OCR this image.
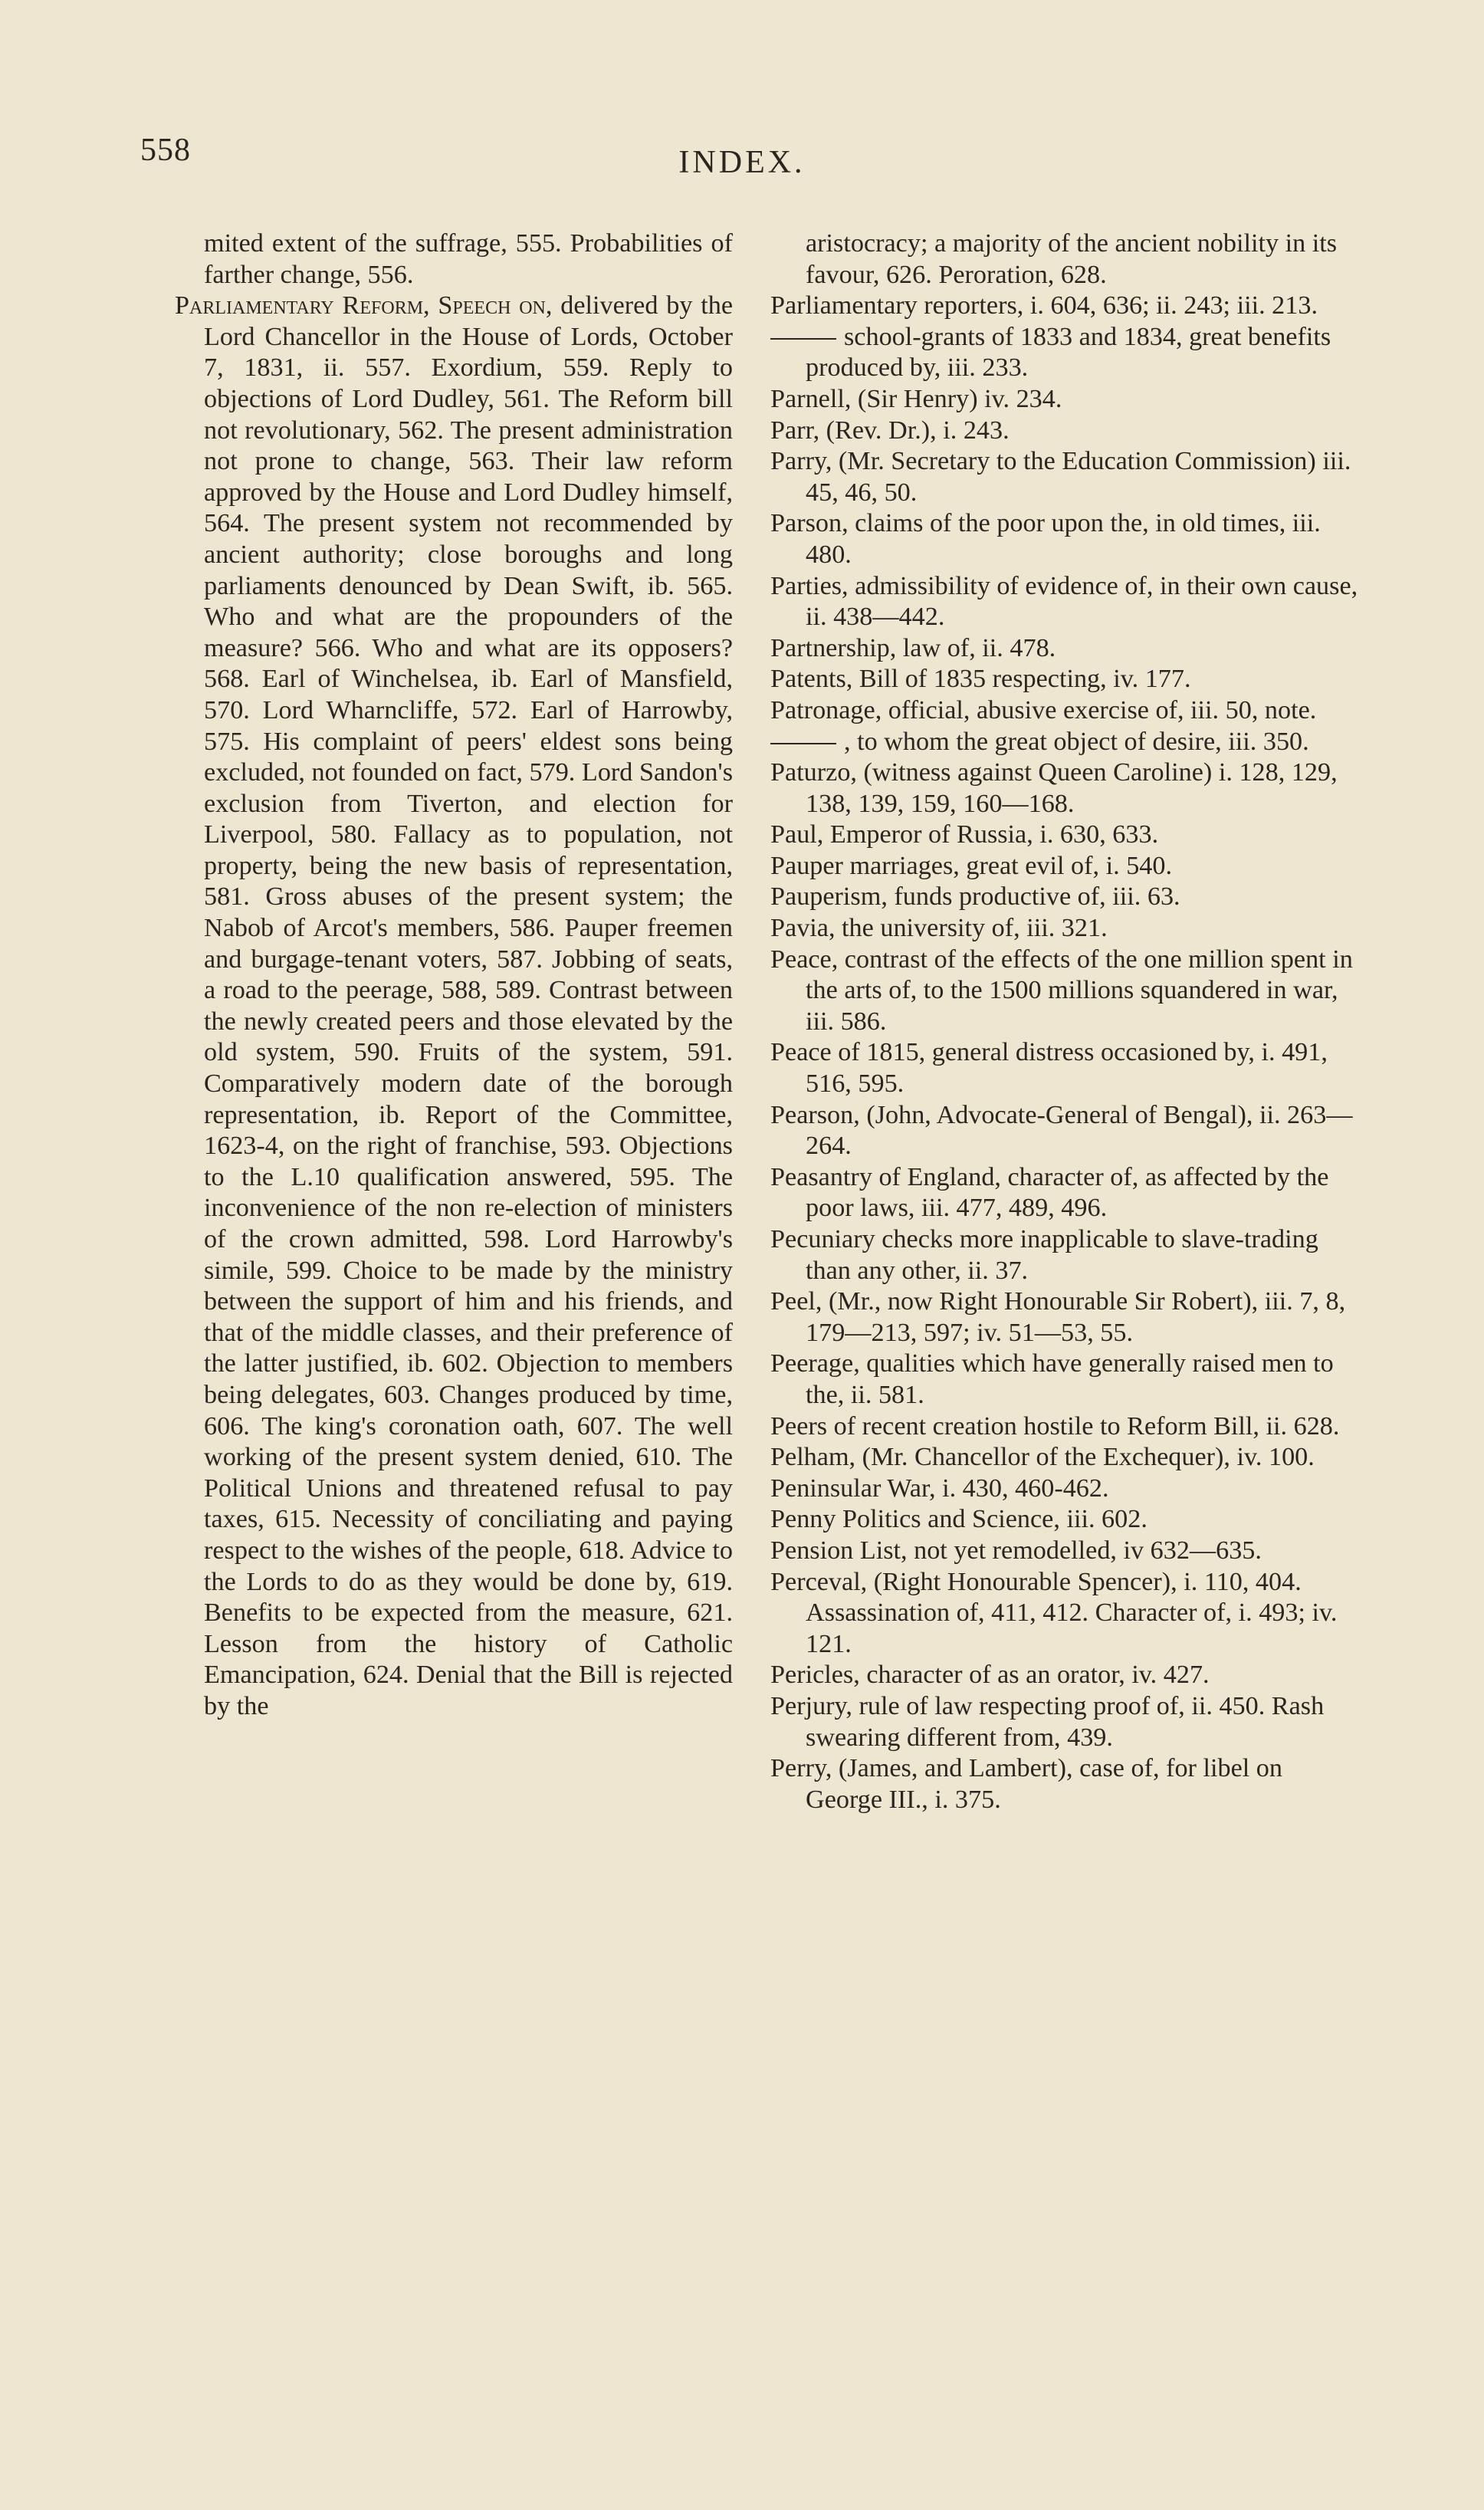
558	INDEX.

mited extent of the suffrage, 555. Probabilities of farther change, 556.

Parliamentary Reform, Speech on, delivered by the Lord Chancellor in the House of Lords, October 7, 1831, ii. 557. Exordium, 559. Reply to objections of Lord Dudley, 561. The Reform bill not revolutionary, 562. The present administration not prone to change, 563. Their law reform approved by the House and Lord Dudley himself, 564. The present system not recommended by ancient authority; close boroughs and long parliaments denounced by Dean Swift, ib. 565. Who and what are the propounders of the measure? 566. Who and what are its opposers? 568. Earl of Winchelsea, ib. Earl of Mansfield, 570. Lord Wharncliffe, 572. Earl of Harrowby, 575. His complaint of peers' eldest sons being excluded, not founded on fact, 579. Lord Sandon's exclusion from Tiverton, and election for Liverpool, 580. Fallacy as to population, not property, being the new basis of representation, 581. Gross abuses of the present system; the Nabob of Arcot's members, 586. Pauper freemen and burgage-tenant voters, 587. Jobbing of seats, a road to the peerage, 588, 589. Contrast between the newly created peers and those elevated by the old system, 590. Fruits of the system, 591. Comparatively modern date of the borough representation, ib. Report of the Committee, 1623-4, on the right of franchise, 593. Objections to the L.10 qualification answered, 595. The inconvenience of the non re-election of ministers of the crown admitted, 598. Lord Harrowby's simile, 599. Choice to be made by the ministry between the support of him and his friends, and that of the middle classes, and their preference of the latter justified, ib. 602. Objection to members being delegates, 603. Changes produced by time, 606. The king's coronation oath, 607. The well working of the present system denied, 610. The Political Unions and threatened refusal to pay taxes, 615. Necessity of conciliating and paying respect to the wishes of the people, 618. Advice to the Lords to do as they would be done by, 619. Benefits to be expected from the measure, 621. Lesson from the history of Catholic Emancipation, 624. Denial that the Bill is rejected by the

aristocracy; a majority of the ancient nobility in its favour, 626. Peroration, 628.

Parliamentary reporters, i. 604, 636; ii. 243; iii. 213.

school-grants of 1833 and 1834, great benefits produced by, iii. 233.

Parnell, (Sir Henry) iv. 234.

Parr, (Rev. Dr.), i. 243.

Parry, (Mr. Secretary to the Education Commission) iii. 45, 46, 50.

Parson, claims of the poor upon the, in old times, iii. 480.

Parties, admissibility of evidence of, in their own cause, ii. 438—442.

Partnership, law of, ii. 478.

Patents, Bill of 1835 respecting, iv. 177.

Patronage, official, abusive exercise of, iii. 50, note.

, to whom the great object of desire, iii. 350.

Paturzo, (witness against Queen Caroline) i. 128, 129, 138, 139, 159, 160—168.

Paul, Emperor of Russia, i. 630, 633.

Pauper marriages, great evil of, i. 540.

Pauperism, funds productive of, iii. 63.

Pavia, the university of, iii. 321.

Peace, contrast of the effects of the one million spent in the arts of, to the 1500 millions squandered in war, iii. 586.

Peace of 1815, general distress occasioned by, i. 491, 516, 595.

Pearson, (John, Advocate-General of Bengal), ii. 263—264.

Peasantry of England, character of, as affected by the poor laws, iii. 477, 489, 496.

Pecuniary checks more inapplicable to slave-trading than any other, ii. 37.

Peel, (Mr., now Right Honourable Sir Robert), iii. 7, 8, 179—213, 597; iv. 51—53, 55.

Peerage, qualities which have generally raised men to the, ii. 581.

Peers of recent creation hostile to Reform Bill, ii. 628.

Pelham, (Mr. Chancellor of the Exchequer), iv. 100.

Peninsular War, i. 430, 460-462.

Penny Politics and Science, iii. 602.

Pension List, not yet remodelled, iv 632—635.

Perceval, (Right Honourable Spencer), i. 110, 404. Assassination of, 411, 412. Character of, i. 493; iv. 121.

Pericles, character of as an orator, iv. 427.

Perjury, rule of law respecting proof of, ii. 450. Rash swearing different from, 439.

Perry, (James, and Lambert), case of, for libel on George III., i. 375.
